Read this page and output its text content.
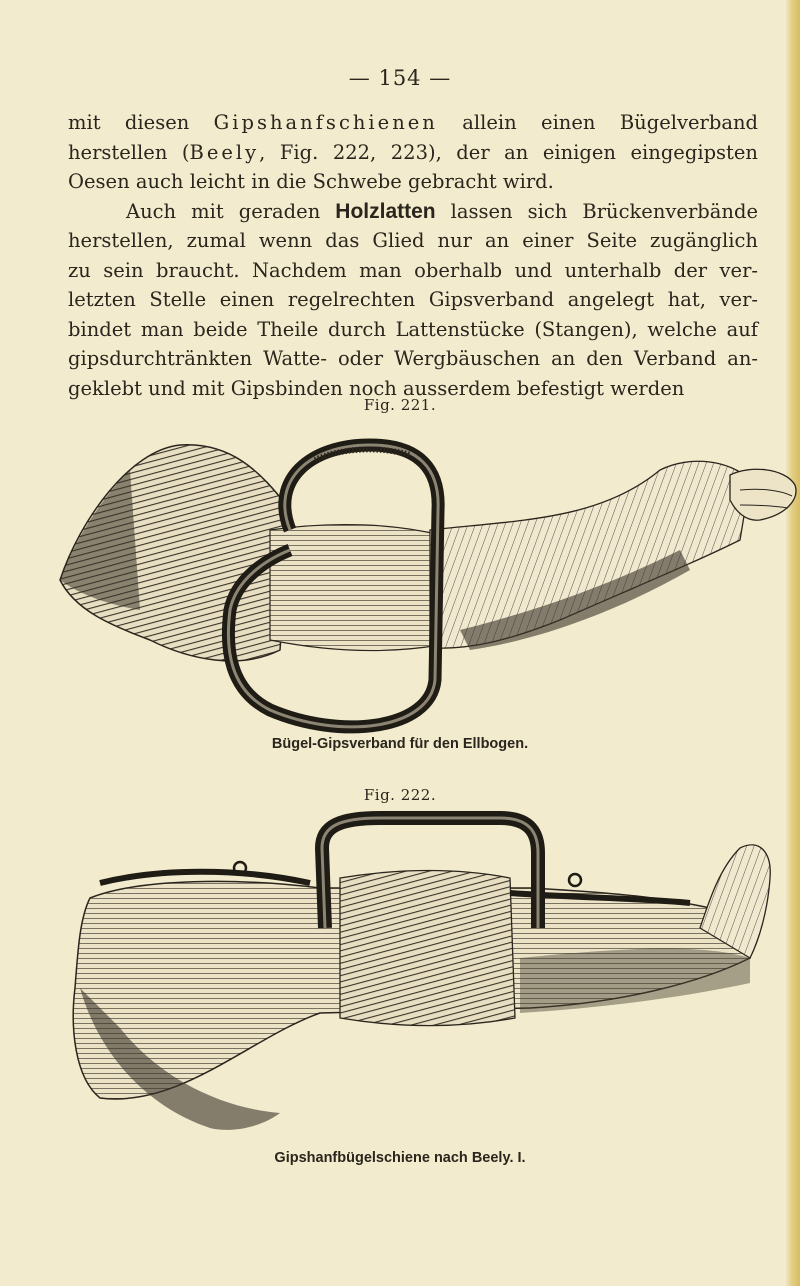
— 154 —
mit diesen Gipshanfschienen allein einen Bügelverband
herstellen (Beely, Fig. 222, 223), der an einigen eingegipsten
Oesen auch leicht in die Schwebe gebracht wird.
Auch mit geraden Holzlatten lassen sich Brückenverbände
herstellen, zumal wenn das Glied nur an einer Seite zugänglich
zu sein braucht. Nachdem man oberhalb und unterhalb der ver-
letzten Stelle einen regelrechten Gipsverband angelegt hat, ver-
bindet man beide Theile durch Lattenstücke (Stangen), welche auf
gipsdurchtränkten Watte- oder Wergbäuschen an den Verband an-
geklebt und mit Gipsbinden noch ausserdem befestigt werden
Fig. 221.
Bügel-Gipsverband für den Ellbogen.
Fig. 222.
Gipshanfbügelschiene nach Beely. I.
